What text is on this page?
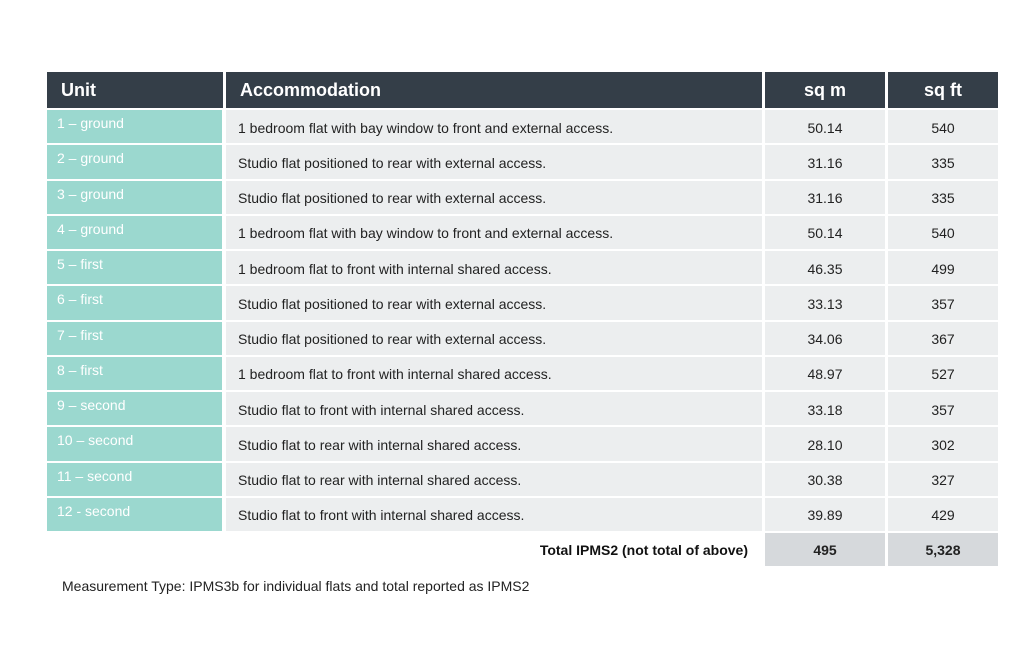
Unit	Accommodation	sq m	sq ft
1 – ground	1 bedroom flat with bay window to front and external access.	50.14	540
2 – ground	Studio flat positioned to rear with external access.	31.16	335
3 – ground	Studio flat positioned to rear with external access.	31.16	335
4 – ground	1 bedroom flat with bay window to front and external access.	50.14	540
5 – first	1 bedroom flat to front with internal shared access.	46.35	499
6 – first	Studio flat positioned to rear with external access.	33.13	357
7 – first	Studio flat positioned to rear with external access.	34.06	367
8 – first	1 bedroom flat to front with internal shared access.	48.97	527
9 – second	Studio flat to front with internal shared access.	33.18	357
10 – second	Studio flat to rear with internal shared access.	28.10	302
11 – second	Studio flat to rear with internal shared access.	30.38	327
12 - second	Studio flat to front with internal shared access.	39.89	429
Total IPMS2 (not total of above)	495	5,328
Measurement Type: IPMS3b for individual flats and total reported as IPMS2
